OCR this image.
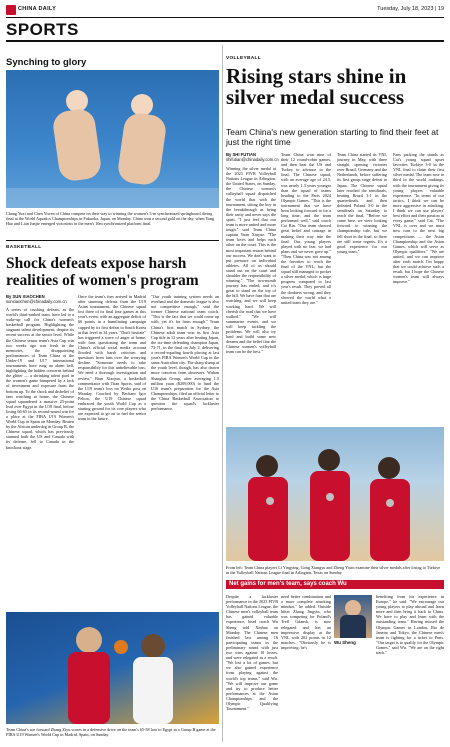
CHINA DAILY	Tuesday, July 18, 2023 | 19
SPORTS
Synching to glory
Chang Yuxi and Chen Yiwen of China compete on their way to winning the women's 3-m synchronized springboard diving final at the World Aquatics Championships in Fukuoka, Japan, on Monday. China won a second gold on the day, when Yang Hao and Lian Junjie emerged victorious in the men's 10m synchronized platform final.
BASKETBALL
Shock defeats expose harsh realities of women's program
By SUN XIAOCHEN
sunxiaochen@chinadaily.com.cn
A series of crushing defeats, as the world's third-ranked team, have led to a wake-up call for China's women's basketball program. Highlighting the stagnant talent development, despite its recent success at the senior level. While the Chinese senior team's Asia Cup win two weeks ago was fresh in the memories, the disappointing performances of Team China at the Under-19 and U17 international tournaments have rung an alarm bell, highlighting the hidden concerns behind the glitter — a shrinking talent pool in the women's game hampered by a lack of investment and exposure from the bottom up. To the shock and disbelief of fans watching at home, the Chinese squad squandered a massive 25-point lead over Egypt in the U19 final, before losing 66-65 in its second-round win for a place at the FIBA U19 Women's World Cup in Spain on Monday. Beaten by the African underdog in Group B, the Chinese squad, which has previously stunned both the US and Canada with its defense, fell to Canada in the knockout stage.
Once the team's foes arrived in Madrid after stunning defeats from the U19 Asian tournament, the Chinese squad lost three of its final four games at this year's event, with an aggregate deficit of 66 points in a humiliating campaign capped by its first defeat to South Korea at that level in 34 years. "Don't hesitate" has triggered a wave of anger at home, with fans questioning the team and China's official social media account flooded with harsh criticism and questions from fans over the worrying decline. "Someone needs to take responsibility for this unbelievable loss. We need a thorough investigation and review," Bian Xiaojun, a basketball commentator with Titan Sports, said of the U19 team's loss on Weibo post on Monday. Coached by Beckam Igor Pelton, the U19 Chinese squad embraced the youth World Cup as a starting ground for its core players who are expected to go on to fuel the senior team in the future.
"Our youth training system needs an overhaul and the domestic league is also not competitive enough," said the former Chinese national team coach. "This is the fact that we could come up with, yet it's far from enough." Team China's first match in Sydney, the Chinese adult team won its first Asia Cup title in 12 years after beating Japan, the six-time defending champion Japan, 73-71, in the final on July 2, delivering a record-equaling fourth placing at last year's FIBA Women's World Cup in the same Australian city. The sharp slump at the youth level, though, has also drawn more concerns from observers. Wuhan Shanghai Group, after averaging 1.5 million yuan ($209,000) to fund the U16 team's preparation for the Asia Championships, filed an official letter to the China Basketball Association to question the squad's lackluster performance.
Team China's ace forward Zhang Ziyu scores in a defensive drive on the team's 65-58 loss to Egypt in a Group B game at the FIBA U19 Women's World Cup in Madrid, Spain, on Sunday.
VOLLEYBALL
Rising stars shine in silver medal success
Team China's new generation starting to find their feet at just the right time
By SHI FUTIAN
shifutian@chinadaily.com.cn
Winning the silver medal at the 2023 FIVB Volleyball Nations League in Arlington, the United States, on Sunday, the Chinese women's volleyball squad dispatched the world that with the tournament, sitting the boy in the breakthrough as being their rarity and never says die spirit. "I just feel that our team is more united and more tough," said Team China captain Yuan Xinyue. "The team loves and helps each other on the court. This is the most important reason behind our success. We don't want to put pressure on individual athletes. All of us should stand out on the court and shoulder the responsibility of winning." "The two-month journey has ended, and it's great to stand on the top of the bill. We have fans that are watching, and we will keep working hard. We will cherish the road that we have walked." "We will summarize events, and we will keep tackling the problems. We will also try hard and build some new dreams and the belief that the Chinese women's volleyball team can be the best."
Team China won nine of their 12 round-robin games, and then beat the US and Turkey to advance to the final. The Chinese squad, with an average age of 24.5, was nearly 1.3 years younger than the squad of teams heading to the Paris 2024 Olympic Games. "This is the tournament that we have been looking forward to for a long time, and the team performed well," said coach Cai Bin. "Our team showed great belief and courage in making their way into the final. Our young players played with no fear, we had plans and we never gave up." "Then China was not among the favorites to reach the final of the VNL, but the squad still managed to pocket a silver medal, which is huge progress compared to last year's result. They proved all the doubters wrong, and they showed the world what a united team they are."
Team China started its VNL journey in May, with three straight opening victories over Brazil, Germany and the Netherlands, before suffering its first group stage defeat to Japan. The Chinese squad later reached the semifinals, beating Brazil 3-1 in the quarterfinals, and then defeated Poland 3-0 in the semifinals on Saturday to reach the final. "Before we came here, we were looking forward to winning the championship title, but we fell short in the final, so there are still some regrets. It's a good experience for our young team."
Fans packing the stands as Cai's young squad upset favorites Türkiye 3-0 in the VNL final to claim their first silver medal. The team rose to third in the world rankings, with the tournament giving its young players valuable experience. "In terms of our tactics, I think we can be more aggressive in attacking. I think we can use players' best effort and their passion in every game," said Cai. "The VNL is over and we must now turn to the next big competitions — the Asian Championship and the Asian Games, which will serve as Olympic qualifiers." "We are united, and we can improve after each match. I'm happy that we could achieve such a result, but I hope the Chinese women's team will always improve."
From left: Team China players Li Yingying, Gong Xiangyu and Zheng Yixin examine their silver medals after losing to Türkiye in the Volleyball Nations League final in Arlington, Texas on Sunday.
Net gains for men's team, says coach Wu
Despite a lackluster performance in the 2023 FIVB Volleyball Nations League, the Chinese men's volleyball team has gained valuable experience, head coach Wu Sheng told Xinhua on Monday. The Chinese men finished last among 16 participating teams in the preliminary round with just two wins against 10 losses, and were relegated as a result. "We lost a lot of games, but we also gained experience from playing against the world's top teams," said Wu. "We will improve our game and try to produce better performances at the Asian Championships and the Olympic Qualifying Tournament."
need better combination and a more complete attacking mindset," he added. Outside hitter Zhang Jingyin, who was competing for Poland's Trefl Gdansk, is now relegated and has an impressive display at the VNL with 202 points in 12 matches. "Obviously he is improving; he's
Wu Sheng
benefiting from his experience in Europe," he said. "We encourage our young players to play abroad and learn more and then bring it back to China. We have to play and learn with the outstanding team." Having missed the Olympic Games in London, Rio de Janeiro and Tokyo, the Chinese men's team is fighting for a ticket to Paris. "Our target is to qualify for the Olympic Games," said Wu. "We are on the right track."
